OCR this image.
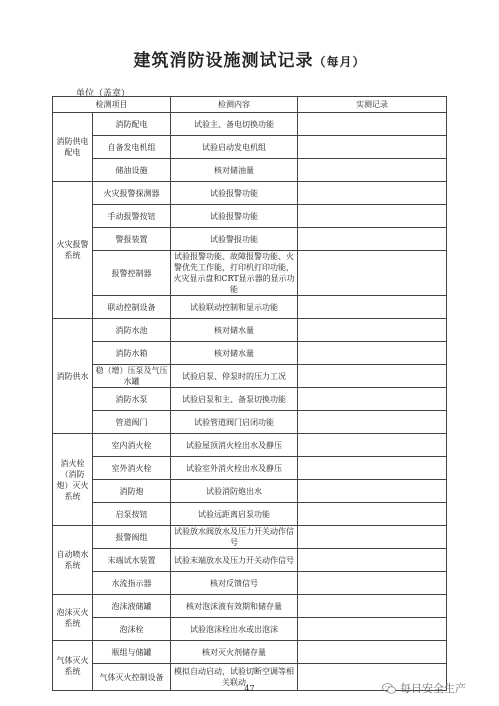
建筑消防设施测试记录（每月）
单位（盖章）
检测项目		检测内容	实测记录
消防供电 配电	消防配电	试验主、备电切换功能	
	自备发电机组	试验启动发电机组	
	储油设施	核对储油量	
火灾报警系统	火灾报警探测器	试验报警功能	
	手动报警按钮	试验报警功能	
	警报装置	试验警报功能	
	报警控制器	试验报警功能、故障报警功能、火警优先工作能，打印机打印功能，火灾显示盘和CRT显示器的显示功能	
	联动控制设备	试验联动控制和显示功能	
消防供水	消防水池	核对储水量	
	消防水箱	核对储水量	
	稳（增）压泵及气压水罐	试验启泵、停泵时的压力工况	
	消防水泵	试验启泵和主、备泵切换功能	
	管道阀门	试验管道阀门启闭功能	
消火栓（消防炮）灭火系统	室内消火栓	试验屋顶消火栓出水及静压	
	室外消火栓	试验室外消火栓出水及静压	
	消防炮	试验消防炮出水	
	启泵按钮	试验远距离启泵功能	
自动喷水系统	报警阀组	试验放水阀放水及压力开关动作信号	
	末端试水装置	试验末端放水及压力开关动作信号	
	水流指示器	核对反馈信号	
泡沫灭火系统	泡沫液储罐	核对泡沫液有效期和储存量	
	泡沫栓	试验泡沫栓出水或出泡沫	
气体灭火系统	瓶组与储罐	核对灭火剂储存量	
	气体灭火控制设备	模拟自动启动，试验切断空调等相关联动	
47	每日安全生产
